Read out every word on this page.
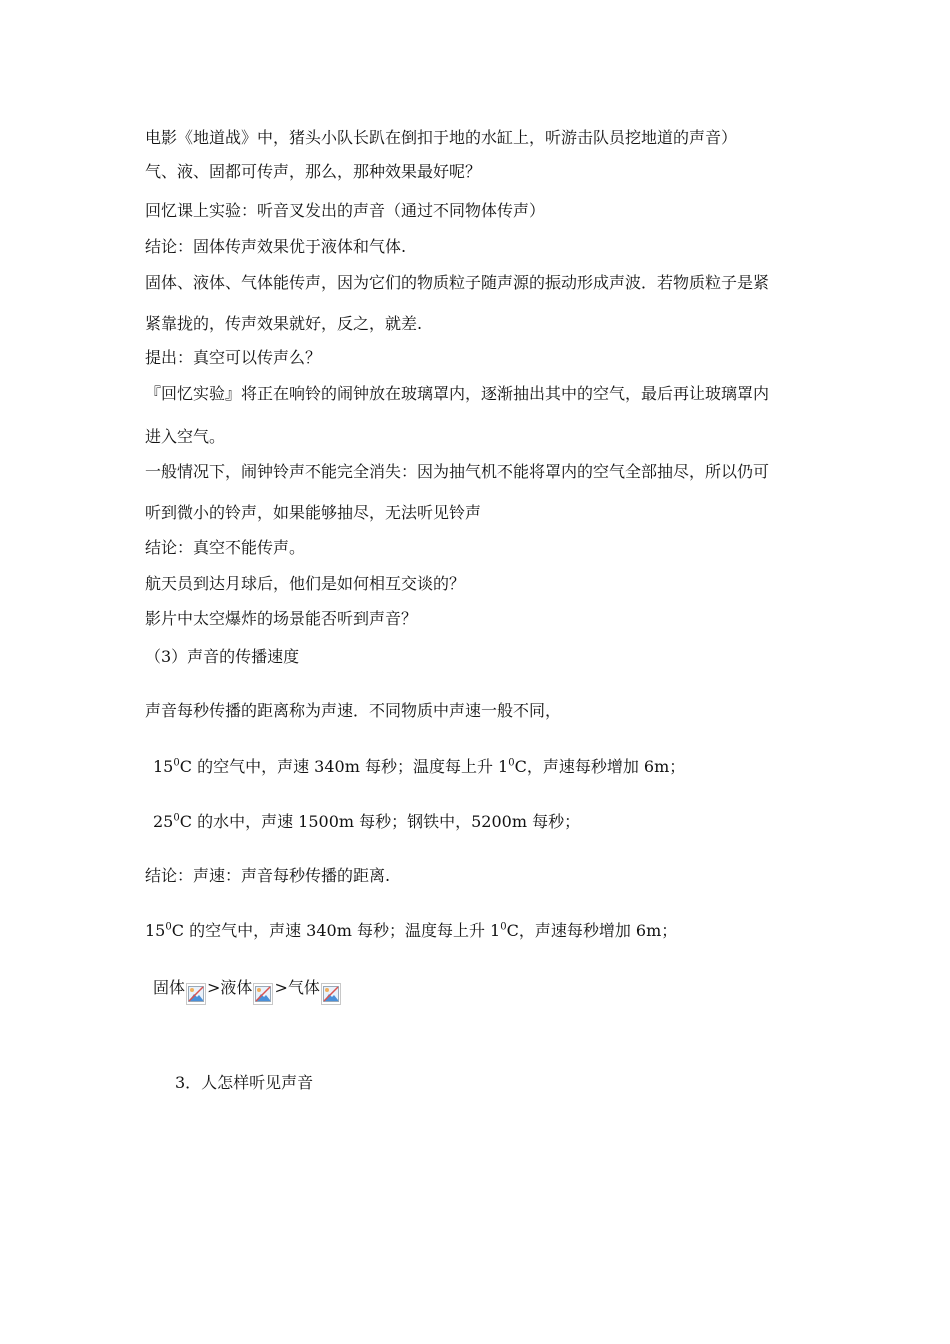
电影《地道战》中，猪头小队长趴在倒扣于地的水缸上，听游击队员挖地道的声音）
气、液、固都可传声，那么，那种效果最好呢？
回忆课上实验：听音叉发出的声音（通过不同物体传声）
结论：固体传声效果优于液体和气体.
固体、液体、气体能传声，因为它们的物质粒子随声源的振动形成声波．若物质粒子是紧
紧靠拢的，传声效果就好，反之，就差.
提出：真空可以传声么？
『回忆实验』将正在响铃的闹钟放在玻璃罩内，逐渐抽出其中的空气，最后再让玻璃罩内
进入空气。
一般情况下，闹钟铃声不能完全消失：因为抽气机不能将罩内的空气全部抽尽，所以仍可
听到微小的铃声，如果能够抽尽，无法听见铃声
结论：真空不能传声。
航天员到达月球后，他们是如何相互交谈的？
影片中太空爆炸的场景能否听到声音？
（3）声音的传播速度
声音每秒传播的距离称为声速．不同物质中声速一般不同，
$15^0C$ 的空气中，声速 340m 每秒；温度每上升 $1^0C$，声速每秒增加 6m；
$25^0C$ 的水中，声速 1500m 每秒；钢铁中，5200m 每秒；
结论：声速：声音每秒传播的距离.
$15^0C$ 的空气中，声速 340m 每秒；温度每上升 $1^0C$，声速每秒增加 6m；
固体 >液体 >气体
3．人怎样听见声音
